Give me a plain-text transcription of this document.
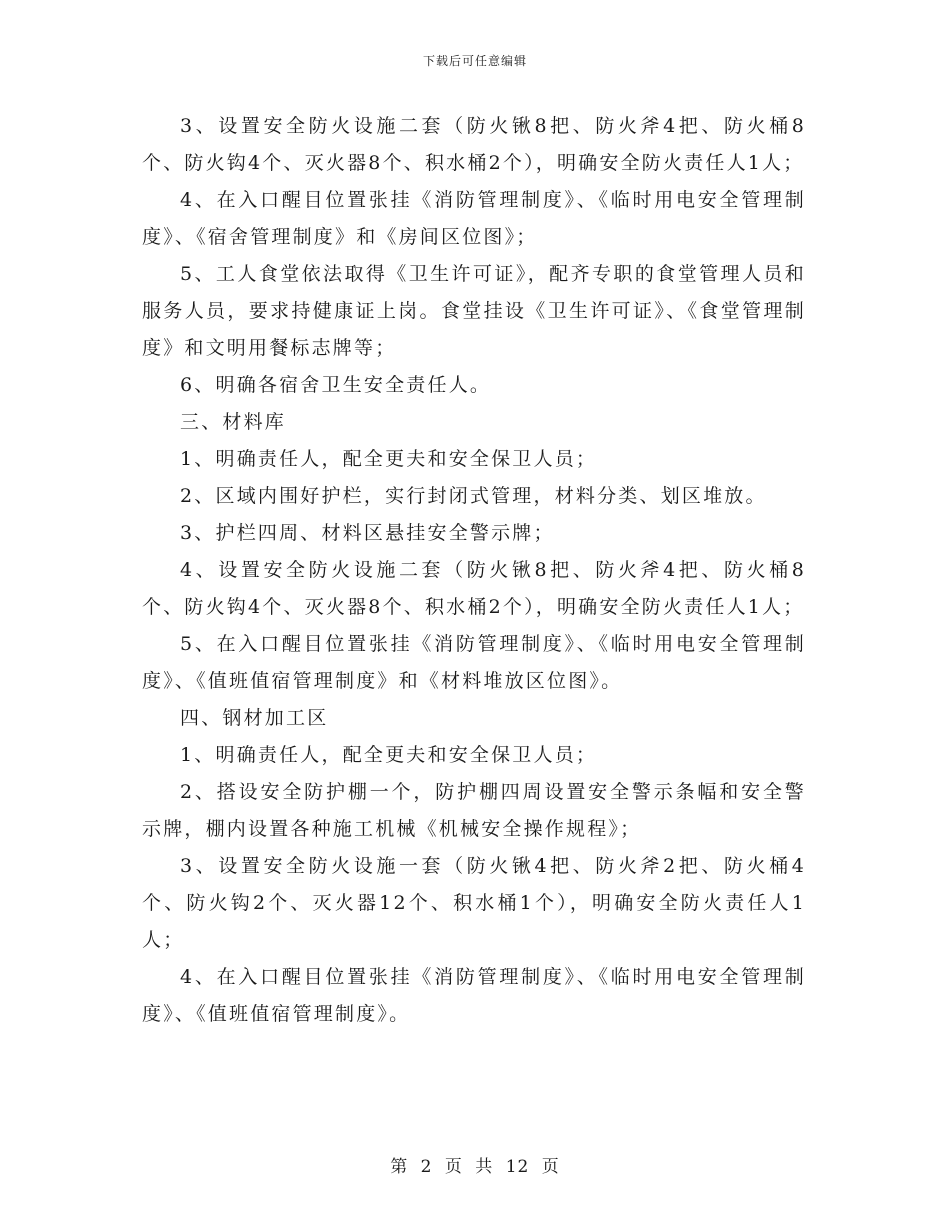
下载后可任意编辑

3、设置安全防火设施二套（防火锹8把、防火斧4把、防火桶8个、防火钩4个、灭火器8个、积水桶2个），明确安全防火责任人1人；

4、在入口醒目位置张挂《消防管理制度》、《临时用电安全管理制度》、《宿舍管理制度》和《房间区位图》；

5、工人食堂依法取得《卫生许可证》，配齐专职的食堂管理人员和服务人员，要求持健康证上岗。食堂挂设《卫生许可证》、《食堂管理制度》和文明用餐标志牌等；

6、明确各宿舍卫生安全责任人。

三、材料库

1、明确责任人，配全更夫和安全保卫人员；

2、区域内围好护栏，实行封闭式管理，材料分类、划区堆放。

3、护栏四周、材料区悬挂安全警示牌；

4、设置安全防火设施二套（防火锹8把、防火斧4把、防火桶8个、防火钩4个、灭火器8个、积水桶2个），明确安全防火责任人1人；

5、在入口醒目位置张挂《消防管理制度》、《临时用电安全管理制度》、《值班值宿管理制度》和《材料堆放区位图》。

四、钢材加工区

1、明确责任人，配全更夫和安全保卫人员；

2、搭设安全防护棚一个，防护棚四周设置安全警示条幅和安全警示牌，棚内设置各种施工机械《机械安全操作规程》；

3、设置安全防火设施一套（防火锹4把、防火斧2把、防火桶4个、防火钩2个、灭火器12个、积水桶1个），明确安全防火责任人1人；

4、在入口醒目位置张挂《消防管理制度》、《临时用电安全管理制度》、《值班值宿管理制度》。

第 2 页 共 12 页
